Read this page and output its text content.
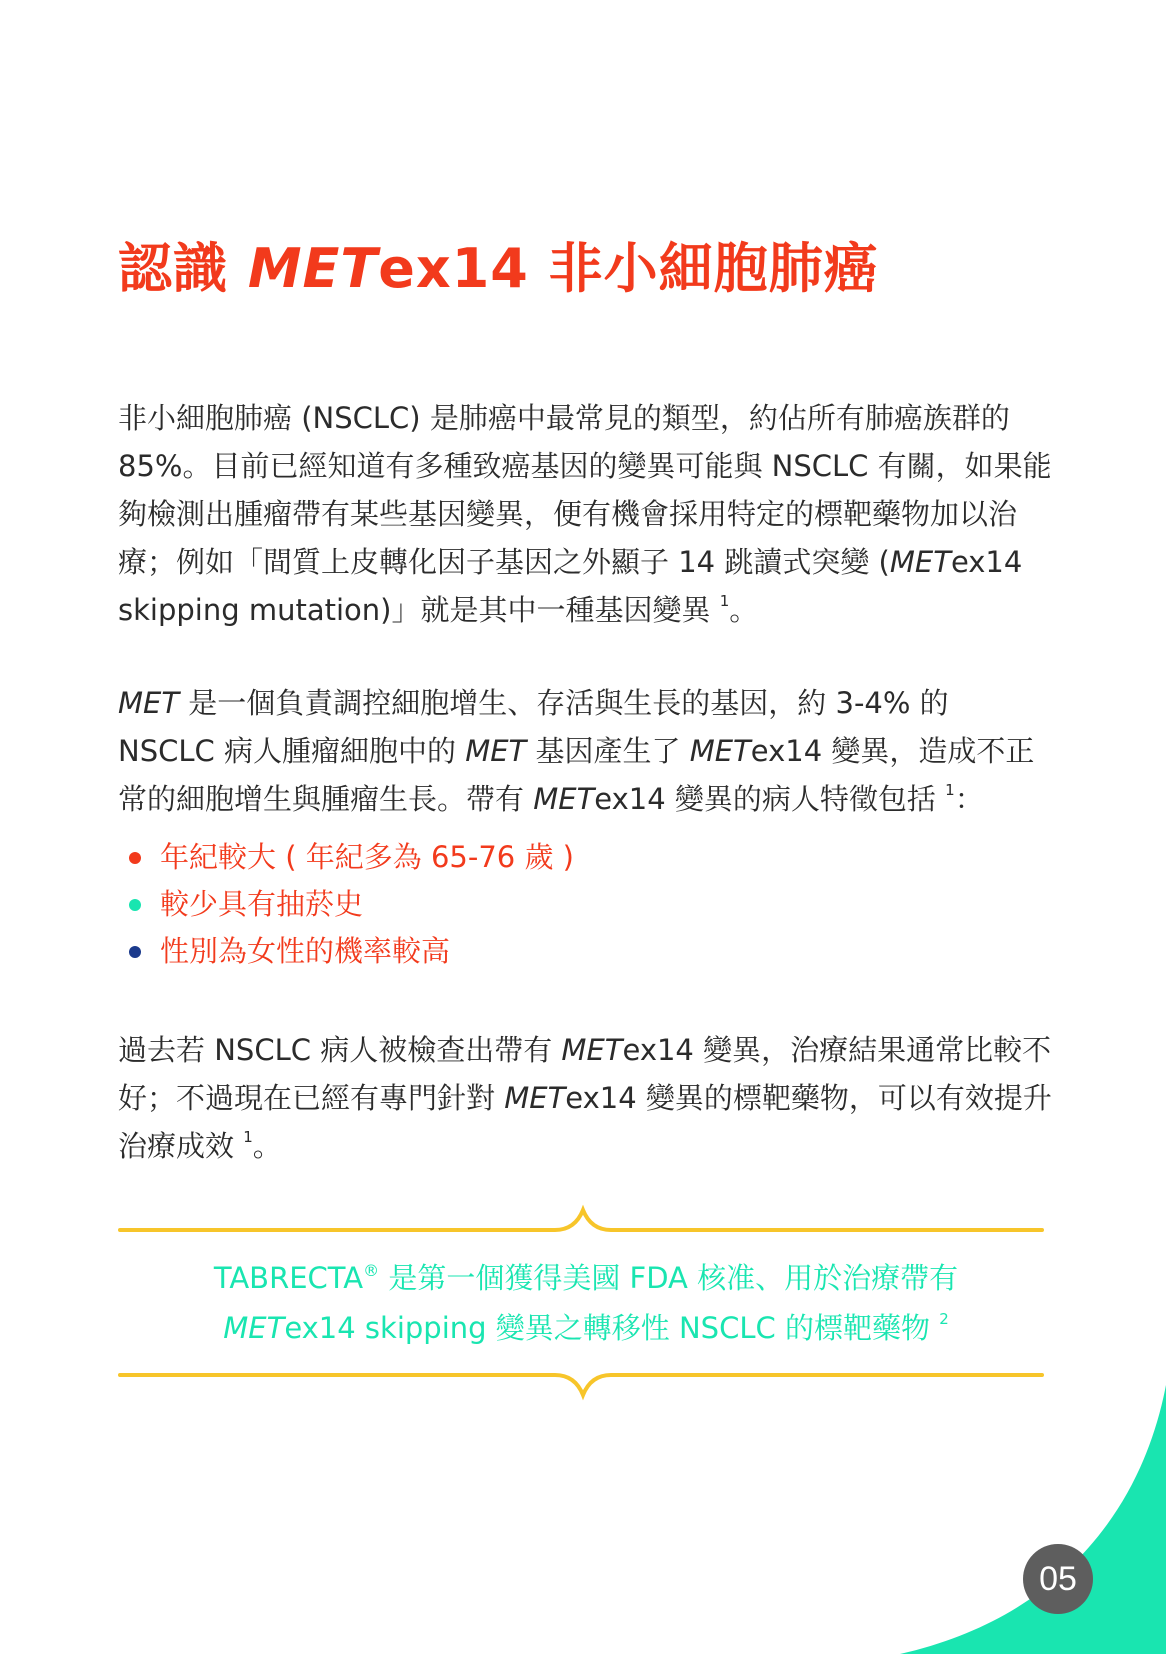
認識 METex14 非小細胞肺癌

非小細胞肺癌 (NSCLC) 是肺癌中最常見的類型，約佔所有肺癌族群的 85%。目前已經知道有多種致癌基因的變異可能與 NSCLC 有關，如果能夠檢測出腫瘤帶有某些基因變異，便有機會採用特定的標靶藥物加以治療；例如「間質上皮轉化因子基因之外顯子 14 跳讀式突變 (METex14 skipping mutation)」就是其中一種基因變異 $^1$。

MET 是一個負責調控細胞增生、存活與生長的基因，約 3-4% 的 NSCLC 病人腫瘤細胞中的 MET 基因產生了 METex14 變異，造成不正常的細胞增生與腫瘤生長。帶有 METex14 變異的病人特徵包括 $^1$：

年紀較大 ( 年紀多為 65-76 歲 )
較少具有抽菸史
性別為女性的機率較高

過去若 NSCLC 病人被檢查出帶有 METex14 變異，治療結果通常比較不好；不過現在已經有專門針對 METex14 變異的標靶藥物，可以有效提升治療成效 $^1$。

TABRECTA® 是第一個獲得美國 FDA 核准、用於治療帶有

METex14 skipping 變異之轉移性 NSCLC 的標靶藥物 $^2$

05
